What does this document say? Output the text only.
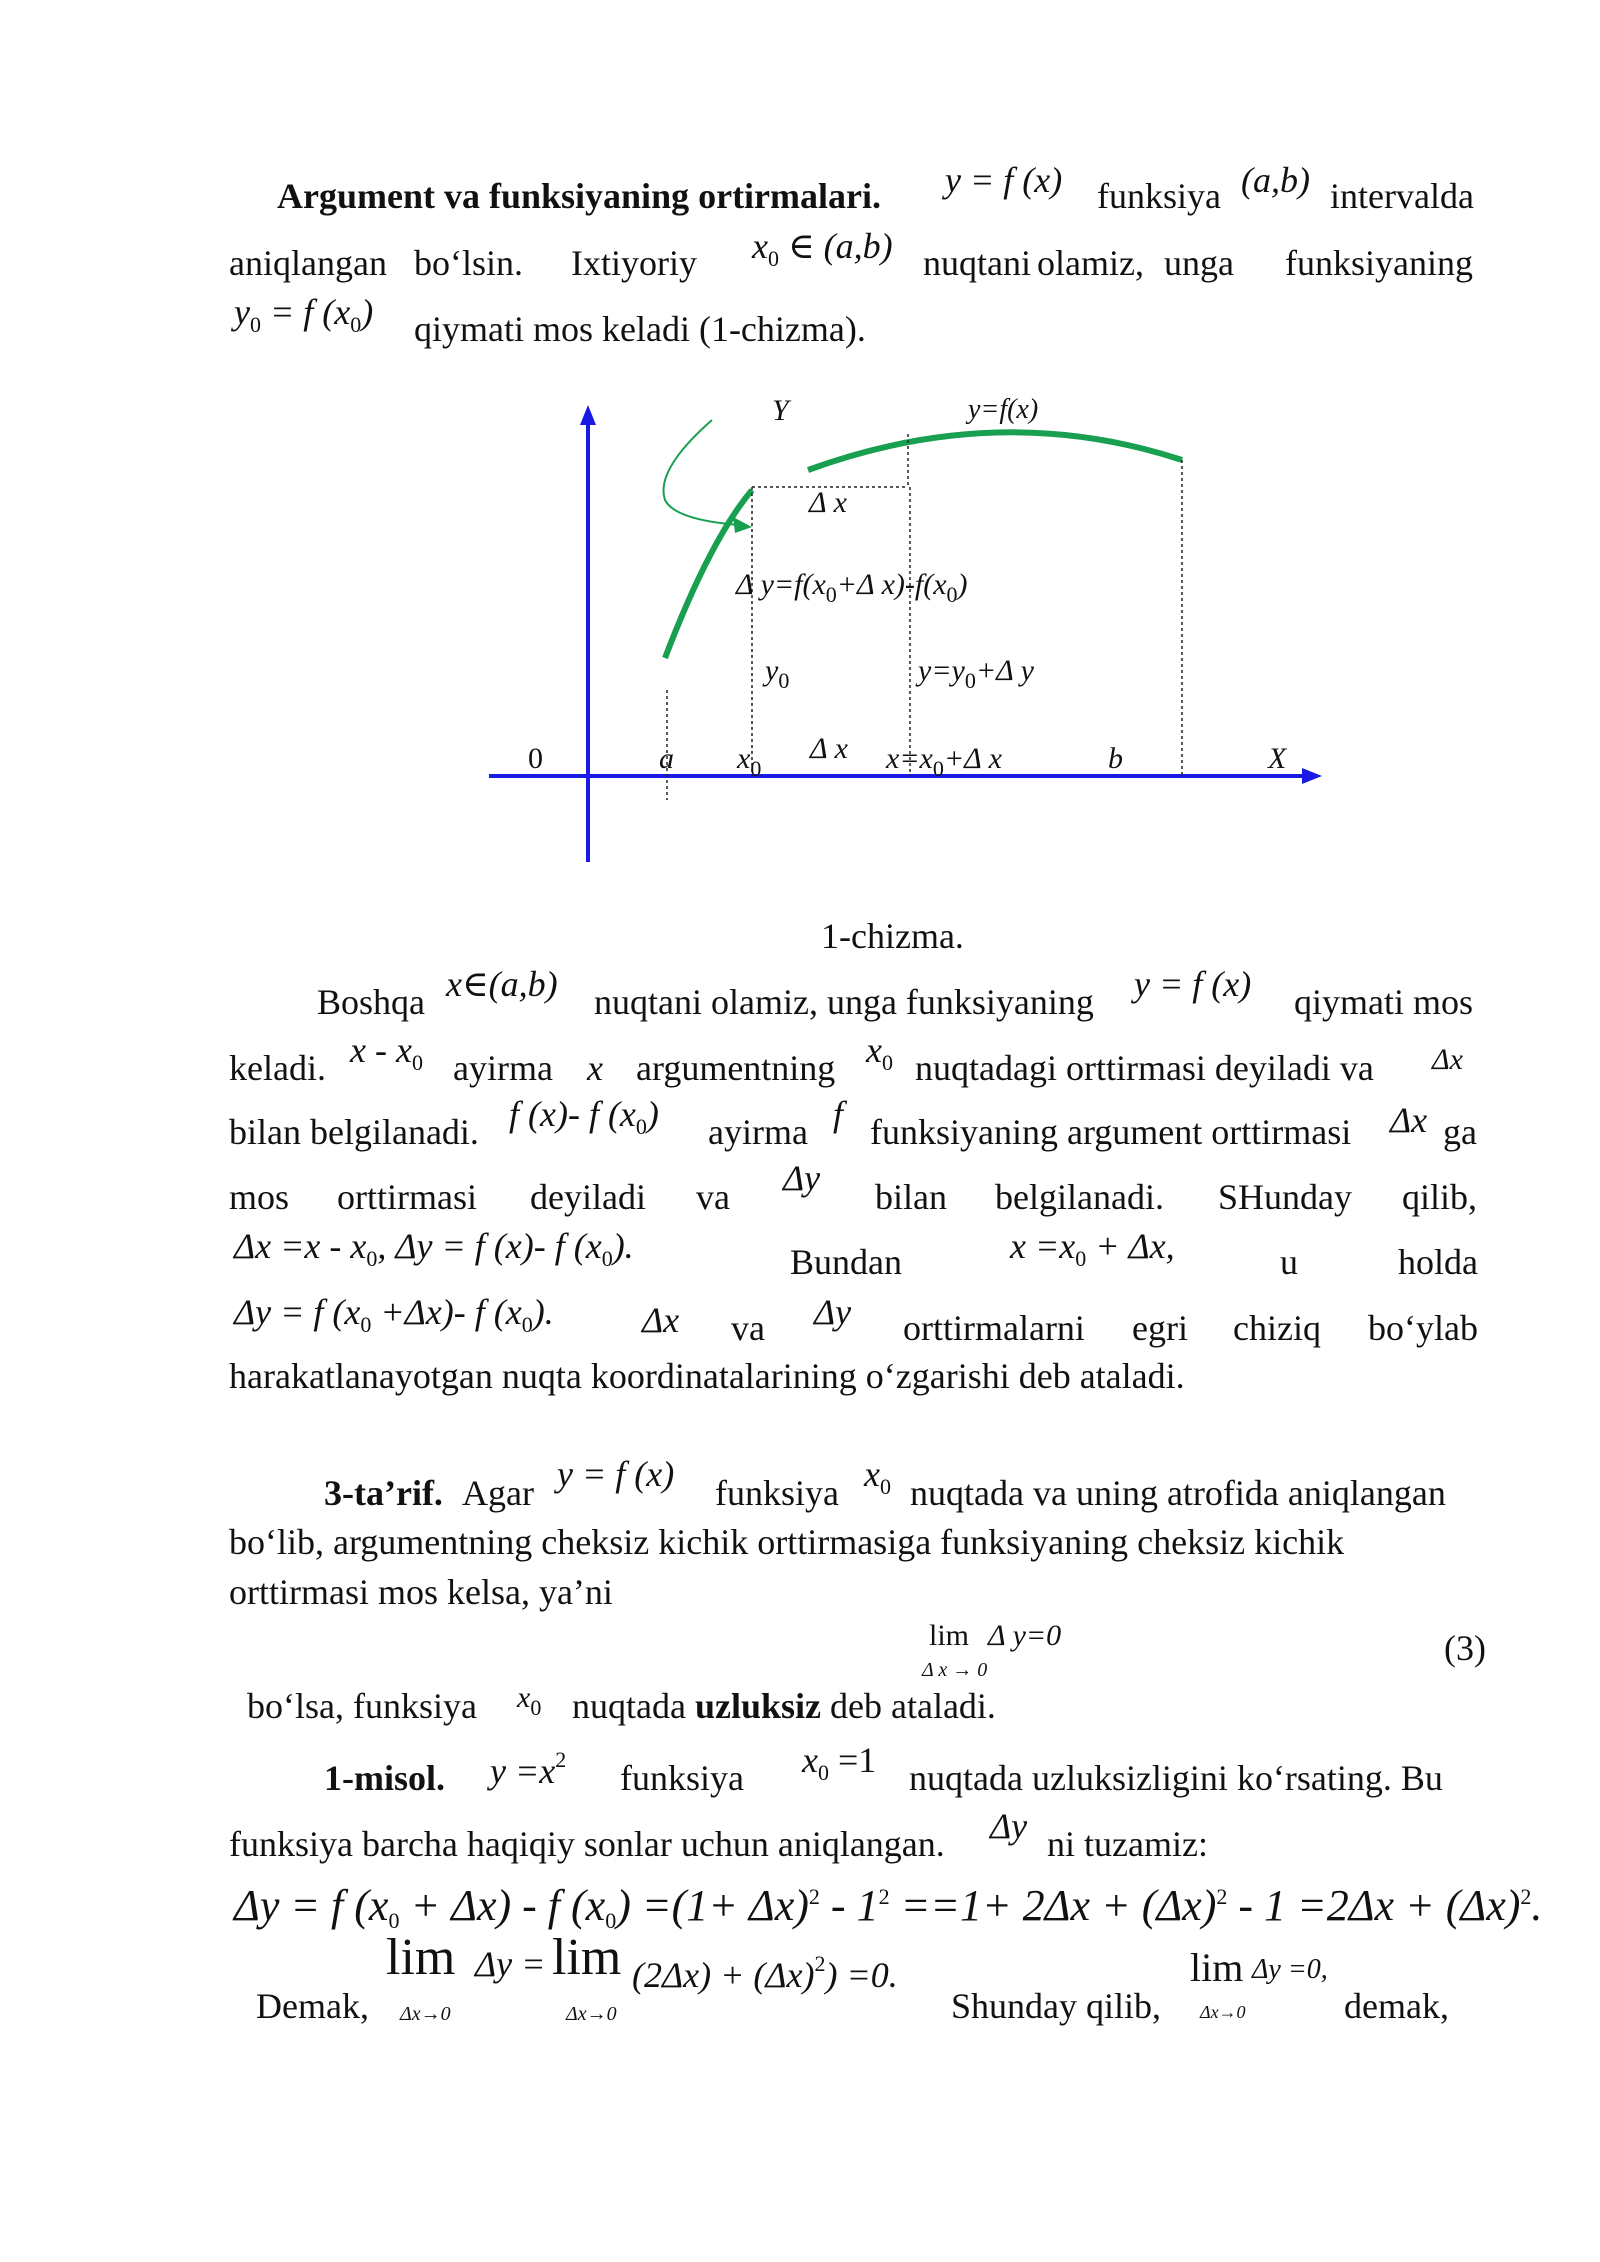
Argument va funksiyaning ortirmalari. y = f (x) funksiya (a,b) intervalda
aniqlangan bo‘lsin. Ixtiyoriy $x_0$ ∈ (a,b) nuqtani olamiz, unga funksiyaning
$y_0 = f$ $(x_0)$ qiymati mos keladi (1-chizma).
Y	y=f(x)
Δ x
Δ $y=f(x_0+\Delta$ $x)-f(x_0)$
$y_0$	$y=y_0+\Delta$ y
0	a $x_0$
Δ x $x=x_0+\Delta$ x	b	X
1-chizma.
Boshqa x∈(a,b) nuqtani olamiz, unga funksiyaning y = f (x) qiymati mos
keladi. x - $x_0$ ayirma x argumentning $x_0$ nuqtadagi orttirmasi deyiladi va Δx
bilan belgilanadi. f (x)- f $(x_0)$ ayirma f funksiyaning argument orttirmasi Δx ga
mos orttirmasi deyiladi va Δy bilan belgilanadi. SHunday qilib,
$\Delta x =x - x_0$, Δy = f (x)- f $(x_0)$.	Bundan	$x =x_0 + \Delta x$,	u	holda
Δy = f $(x_0 +\Delta x)-$ f $(x_0)$. Δx va Δy orttirmalarni egri chiziq bo‘ylab
harakatlanayotgan nuqta koordinatalarining o‘zgarishi deb ataladi.
3-ta’rif. Agar y = f (x) funksiya $x_0$ nuqtada va uning atrofida aniqlangan
bo‘lib, argumentning cheksiz kichik orttirmasiga funksiyaning cheksiz kichik
orttirmasi mos kelsa, ya’ni
lim
Δ x → 0
Δ y=0	(3)
bo‘lsa, funksiya $x_0$ nuqtada uzluksiz deb ataladi.
1-misol. $y =x^2$ funksiya $x_0 =1$ nuqtada uzluksizligini ko‘rsating. Bu
funksiya barcha haqiqiy sonlar uchun aniqlangan. Δy ni tuzamiz:
Δy = f $(x_0 + \Delta x) - f$ $(x_0) =(1+ \Delta x)^2 - 1^2 ==1+ 2\Delta x + (\Delta x)^2 - 1 =2\Delta x + (\Delta x)^2$.
$\lim \Delta y = \lim (2\Delta x) + (\Delta x)^2) =0$.
Demak, Δx→0	Δx→0	Shunday qilib,
lim Δy =0,
Δx→0	demak,
